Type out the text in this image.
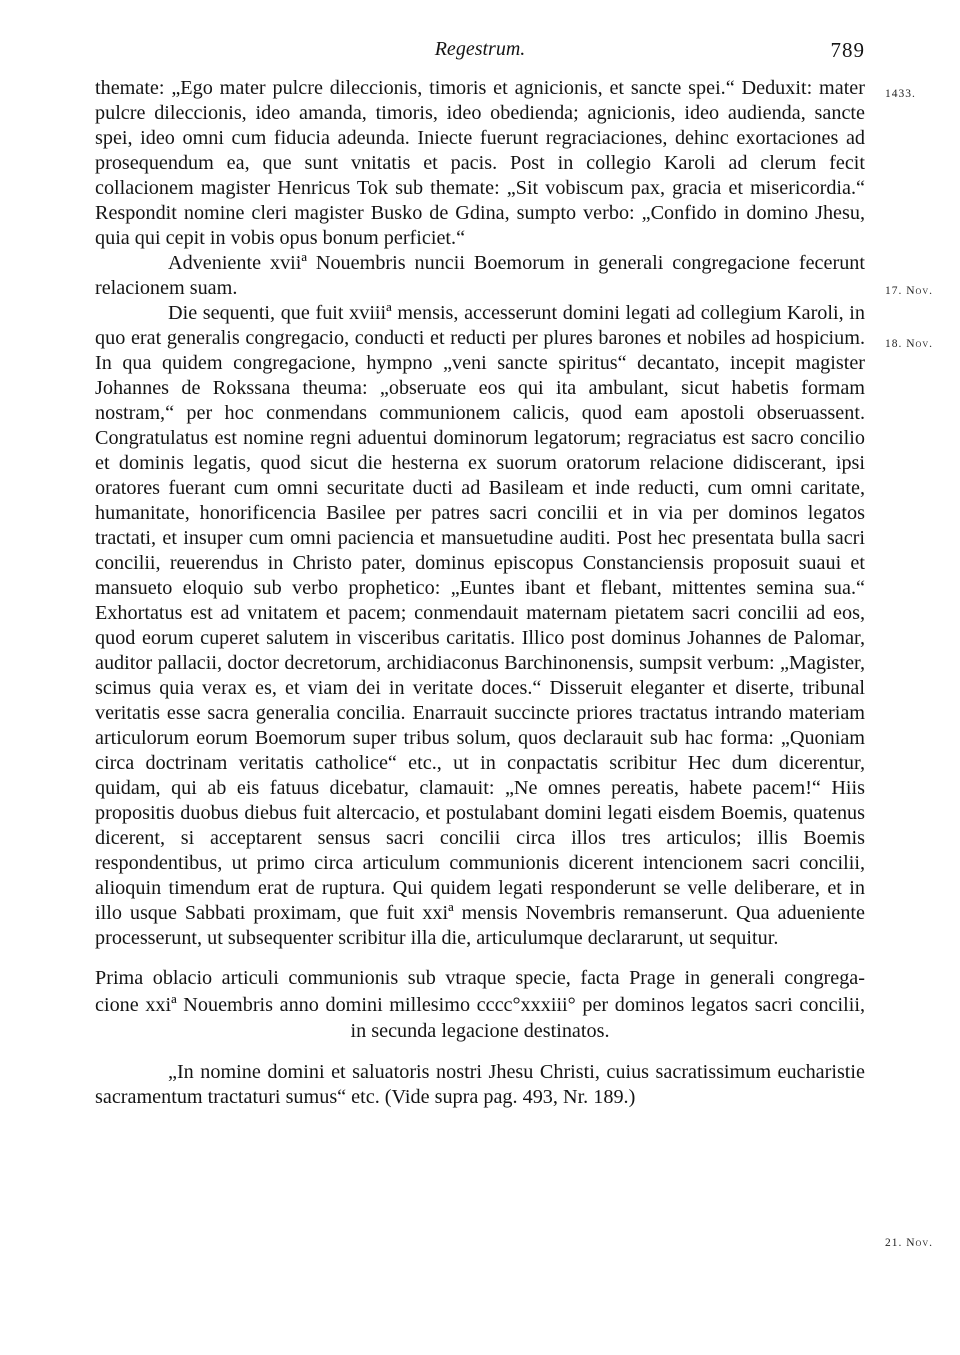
Regestrum.	789

themate: „Ego mater pulcre dileccionis, timoris et agnicionis, et sancte spei.“ Deduxit: mater pulcre dileccionis, ideo amanda, timoris, ideo obedienda; agnicionis, ideo audienda, sancte spei, ideo omni cum fiducia adeunda. Iniecte fuerunt regraciaciones, dehinc exortaciones ad prosequendum ea, que sunt vnitatis et pacis. Post in collegio Karoli ad clerum fecit collacionem magister Henricus Tok sub themate: „Sit vobiscum pax, gracia et misericordia.“ Respondit nomine cleri magister Busko de Gdina, sumpto verbo: „Confido in domino Jhesu, quia qui cepit in vobis opus bonum perficiet.“

Adveniente xviiª Nouembris nuncii Boemorum in generali congregacione fecerunt relacionem suam.

Die sequenti, que fuit xviiiª mensis, accesserunt domini legati ad collegium Karoli, in quo erat generalis congregacio, conducti et reducti per plures barones et nobiles ad hospicium. In qua quidem congregacione, hympno „veni sancte spiritus“ decantato, incepit magister Johannes de Rokssana theuma: „obseruate eos qui ita ambulant, sicut habetis formam nostram,“ per hoc conmendans communionem calicis, quod eam apostoli obseruassent. Congratulatus est nomine regni aduentui dominorum legatorum; regraciatus est sacro concilio et dominis legatis, quod sicut die hesterna ex suorum oratorum relacione didiscerant, ipsi oratores fuerant cum omni securitate ducti ad Basileam et inde reducti, cum omni caritate, humanitate, honorificencia Basilee per patres sacri concilii et in via per dominos legatos tractati, et insuper cum omni paciencia et mansuetudine auditi. Post hec presentata bulla sacri concilii, reuerendus in Christo pater, dominus episcopus Constanciensis proposuit suaui et mansueto eloquio sub verbo prophetico: „Euntes ibant et flebant, mittentes semina sua.“ Exhortatus est ad vnitatem et pacem; conmendauit maternam pietatem sacri concilii ad eos, quod eorum cuperet salutem in visceribus caritatis. Illico post dominus Johannes de Palomar, auditor pallacii, doctor decretorum, archidiaconus Barchinonensis, sumpsit verbum: „Magister, scimus quia verax es, et viam dei in veritate doces.“ Disseruit eleganter et diserte, tribunal veritatis esse sacra generalia concilia. Enarrauit succincte priores tractatus intrando materiam articulorum eorum Boemorum super tribus solum, quos declarauit sub hac forma: „Quoniam circa doctrinam veritatis catholice“ etc., ut in conpactatis scribitur Hec dum dicerentur, quidam, qui ab eis fatuus dicebatur, clamauit: „Ne omnes pereatis, habete pacem!“ Hiis propositis duobus diebus fuit altercacio, et postulabant domini legati eisdem Boemis, quatenus dicerent, si acceptarent sensus sacri concilii circa illos tres articulos; illis Boemis respondentibus, ut primo circa articulum communionis dicerent intencionem sacri concilii, alioquin timendum erat de ruptura. Qui quidem legati responderunt se velle deliberare, et in illo usque Sabbati proximam, que fuit xxiª mensis Novembris remanserunt. Qua adueniente processerunt, ut subsequenter scribitur illa die, articulumque declararunt, ut sequitur.

Prima oblacio articuli communionis sub vtraque specie, facta Prage in generali congrega-
cione xxiª Nouembris anno domini millesimo cccc°xxxiii° per dominos legatos sacri concilii,
in secunda legacione destinatos.

„In nomine domini et saluatoris nostri Jhesu Christi, cuius sacratissimum eucharistie sacramentum tractaturi sumus“ etc. (Vide supra pag. 493, Nr. 189.)

1433.
17. Nov.
18. Nov.
21. Nov.
